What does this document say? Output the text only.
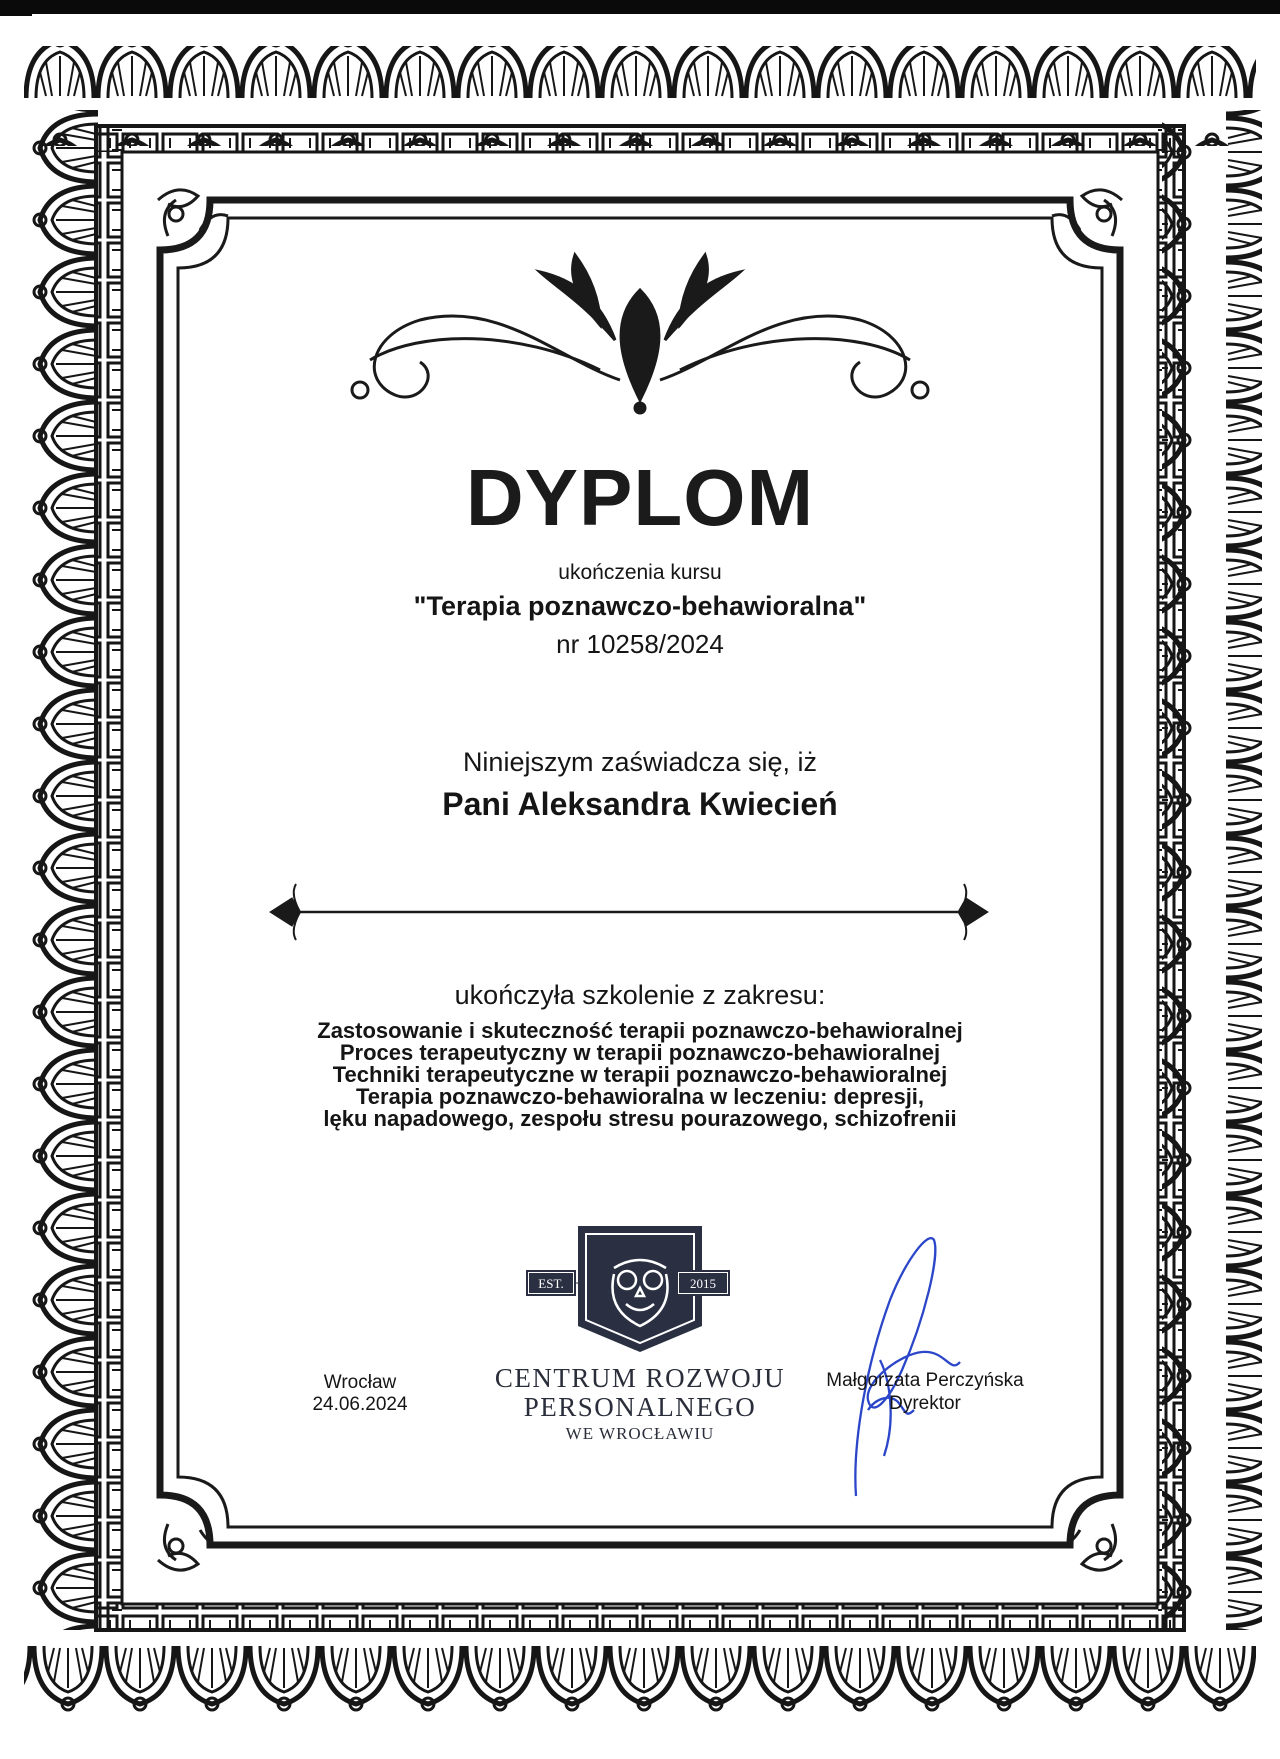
DYPLOM
ukończenia kursu
"Terapia poznawczo-behawioralna"
nr 10258/2024
Niniejszym zaświadcza się, iż
Pani Aleksandra Kwiecień
ukończyła szkolenie z zakresu:
Zastosowanie i skuteczność terapii poznawczo-behawioralnej
Proces terapeutyczny w terapii poznawczo-behawioralnej
Techniki terapeutyczne w terapii poznawczo-behawioralnej
Terapia poznawczo-behawioralna w leczeniu: depresji,
lęku napadowego, zespołu stresu pourazowego, schizofrenii
EST.	2015
CENTRUM ROZWOJU
PERSONALNEGO
WE WROCŁAWIU
Wrocław
24.06.2024
Małgorzata Perczyńska
Dyrektor
